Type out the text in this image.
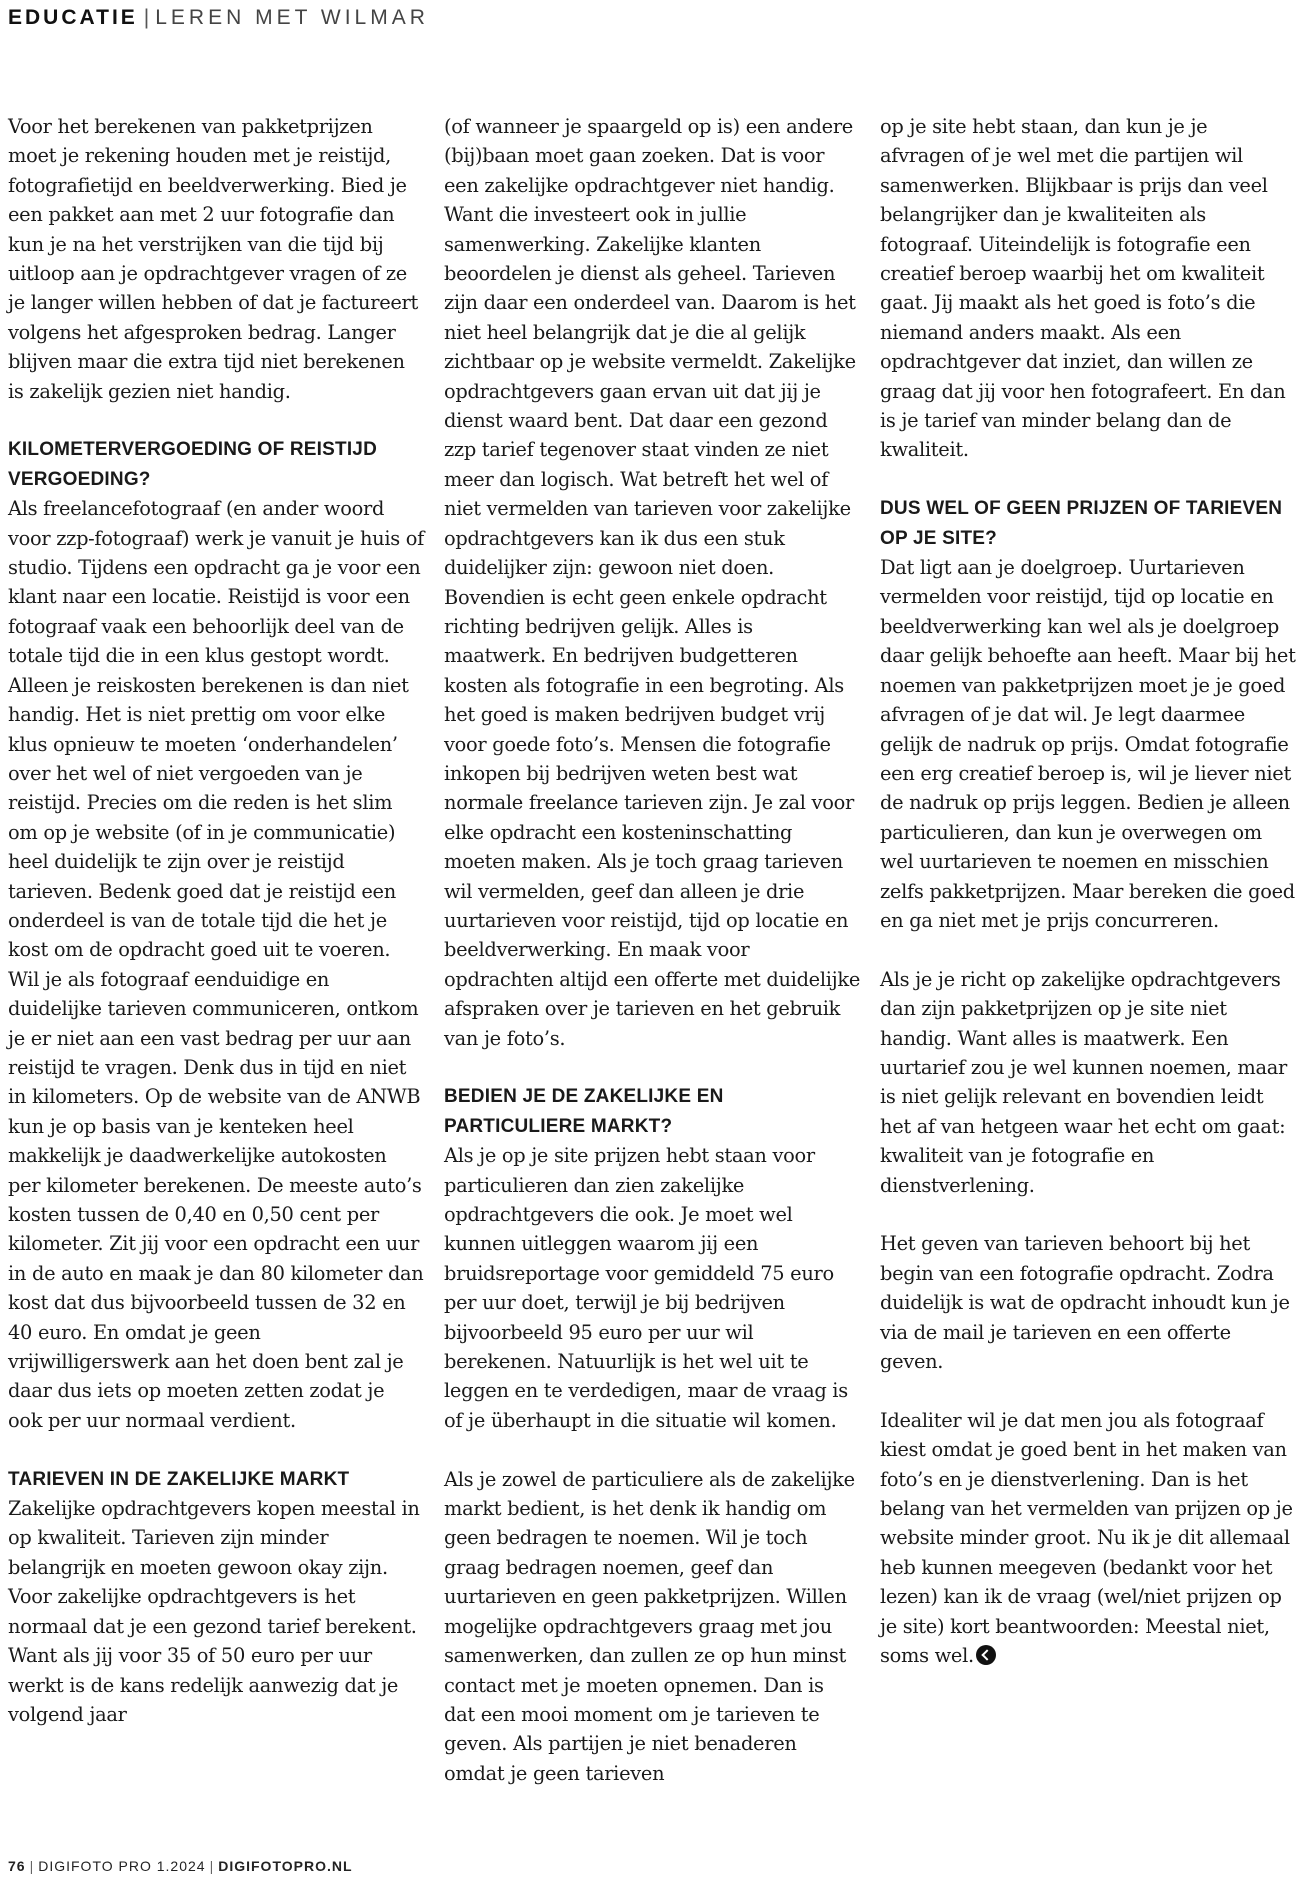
EDUCATIE | LEREN MET WILMAR

Voor het berekenen van pakketprijzen moet je rekening houden met je reistijd, fotografietijd en beeldverwerking. Bied je een pakket aan met 2 uur fotografie dan kun je na het verstrijken van die tijd bij uitloop aan je opdrachtgever vragen of ze je langer willen hebben of dat je factureert volgens het afgesproken bedrag. Langer blijven maar die extra tijd niet berekenen is zakelijk gezien niet handig.

KILOMETERVERGOEDING OF REISTIJD VERGOEDING?

Als freelancefotograaf (en ander woord voor zzp-fotograaf) werk je vanuit je huis of studio. Tijdens een opdracht ga je voor een klant naar een locatie. Reistijd is voor een fotograaf vaak een behoorlijk deel van de totale tijd die in een klus gestopt wordt. Alleen je reiskosten berekenen is dan niet handig. Het is niet prettig om voor elke klus opnieuw te moeten ‘onderhandelen’ over het wel of niet vergoeden van je reistijd. Precies om die reden is het slim om op je website (of in je communicatie) heel duidelijk te zijn over je reistijd tarieven. Bedenk goed dat je reistijd een onderdeel is van de totale tijd die het je kost om de opdracht goed uit te voeren. Wil je als fotograaf eenduidige en duidelijke tarieven communiceren, ontkom je er niet aan een vast bedrag per uur aan reistijd te vragen. Denk dus in tijd en niet in kilometers. Op de website van de ANWB kun je op basis van je kenteken heel makkelijk je daadwerkelijke autokosten per kilometer berekenen. De meeste auto’s kosten tussen de 0,40 en 0,50 cent per kilometer. Zit jij voor een opdracht een uur in de auto en maak je dan 80 kilometer dan kost dat dus bijvoorbeeld tussen de 32 en 40 euro. En omdat je geen vrijwilligerswerk aan het doen bent zal je daar dus iets op moeten zetten zodat je ook per uur normaal verdient.

TARIEVEN IN DE ZAKELIJKE MARKT

Zakelijke opdrachtgevers kopen meestal in op kwaliteit. Tarieven zijn minder belangrijk en moeten gewoon okay zijn. Voor zakelijke opdrachtgevers is het normaal dat je een gezond tarief berekent. Want als jij voor 35 of 50 euro per uur werkt is de kans redelijk aanwezig dat je volgend jaar

(of wanneer je spaargeld op is) een andere (bij)baan moet gaan zoeken. Dat is voor een zakelijke opdrachtgever niet handig. Want die investeert ook in jullie samenwerking. Zakelijke klanten beoordelen je dienst als geheel. Tarieven zijn daar een onderdeel van. Daarom is het niet heel belangrijk dat je die al gelijk zichtbaar op je website vermeldt. Zakelijke opdrachtgevers gaan ervan uit dat jij je dienst waard bent. Dat daar een gezond zzp tarief tegenover staat vinden ze niet meer dan logisch. Wat betreft het wel of niet vermelden van tarieven voor zakelijke opdrachtgevers kan ik dus een stuk duidelijker zijn: gewoon niet doen. Bovendien is echt geen enkele opdracht richting bedrijven gelijk. Alles is maatwerk. En bedrijven budgetteren kosten als fotografie in een begroting. Als het goed is maken bedrijven budget vrij voor goede foto’s. Mensen die fotografie inkopen bij bedrijven weten best wat normale freelance tarieven zijn. Je zal voor elke opdracht een kosteninschatting moeten maken. Als je toch graag tarieven wil vermelden, geef dan alleen je drie uurtarieven voor reistijd, tijd op locatie en beeldverwerking. En maak voor opdrachten altijd een offerte met duidelijke afspraken over je tarieven en het gebruik van je foto’s.

BEDIEN JE DE ZAKELIJKE EN PARTICULIERE MARKT?

Als je op je site prijzen hebt staan voor particulieren dan zien zakelijke opdrachtgevers die ook. Je moet wel kunnen uitleggen waarom jij een bruidsreportage voor gemiddeld 75 euro per uur doet, terwijl je bij bedrijven bijvoorbeeld 95 euro per uur wil berekenen. Natuurlijk is het wel uit te leggen en te verdedigen, maar de vraag is of je überhaupt in die situatie wil komen.

Als je zowel de particuliere als de zakelijke markt bedient, is het denk ik handig om geen bedragen te noemen. Wil je toch graag bedragen noemen, geef dan uurtarieven en geen pakketprijzen. Willen mogelijke opdrachtgevers graag met jou samenwerken, dan zullen ze op hun minst contact met je moeten opnemen. Dan is dat een mooi moment om je tarieven te geven. Als partijen je niet benaderen omdat je geen tarieven

op je site hebt staan, dan kun je je afvragen of je wel met die partijen wil samenwerken. Blijkbaar is prijs dan veel belangrijker dan je kwaliteiten als fotograaf. Uiteindelijk is fotografie een creatief beroep waarbij het om kwaliteit gaat. Jij maakt als het goed is foto’s die niemand anders maakt. Als een opdrachtgever dat inziet, dan willen ze graag dat jij voor hen fotografeert. En dan is je tarief van minder belang dan de kwaliteit.

DUS WEL OF GEEN PRIJZEN OF TARIEVEN OP JE SITE?

Dat ligt aan je doelgroep. Uurtarieven vermelden voor reistijd, tijd op locatie en beeldverwerking kan wel als je doelgroep daar gelijk behoefte aan heeft. Maar bij het noemen van pakketprijzen moet je je goed afvragen of je dat wil. Je legt daarmee gelijk de nadruk op prijs. Omdat fotografie een erg creatief beroep is, wil je liever niet de nadruk op prijs leggen. Bedien je alleen particulieren, dan kun je overwegen om wel uurtarieven te noemen en misschien zelfs pakketprijzen. Maar bereken die goed en ga niet met je prijs concurreren.

Als je je richt op zakelijke opdrachtgevers dan zijn pakketprijzen op je site niet handig. Want alles is maatwerk. Een uurtarief zou je wel kunnen noemen, maar is niet gelijk relevant en bovendien leidt het af van hetgeen waar het echt om gaat: kwaliteit van je fotografie en dienstverlening.

Het geven van tarieven behoort bij het begin van een fotografie opdracht. Zodra duidelijk is wat de opdracht inhoudt kun je via de mail je tarieven en een offerte geven.

Idealiter wil je dat men jou als fotograaf kiest omdat je goed bent in het maken van foto’s en je dienstverlening. Dan is het belang van het vermelden van prijzen op je website minder groot. Nu ik je dit allemaal heb kunnen meegeven (bedankt voor het lezen) kan ik de vraag (wel/niet prijzen op je site) kort beantwoorden: Meestal niet, soms wel.

76 | DIGIFOTO PRO 1.2024 | DIGIFOTOPRO.NL
